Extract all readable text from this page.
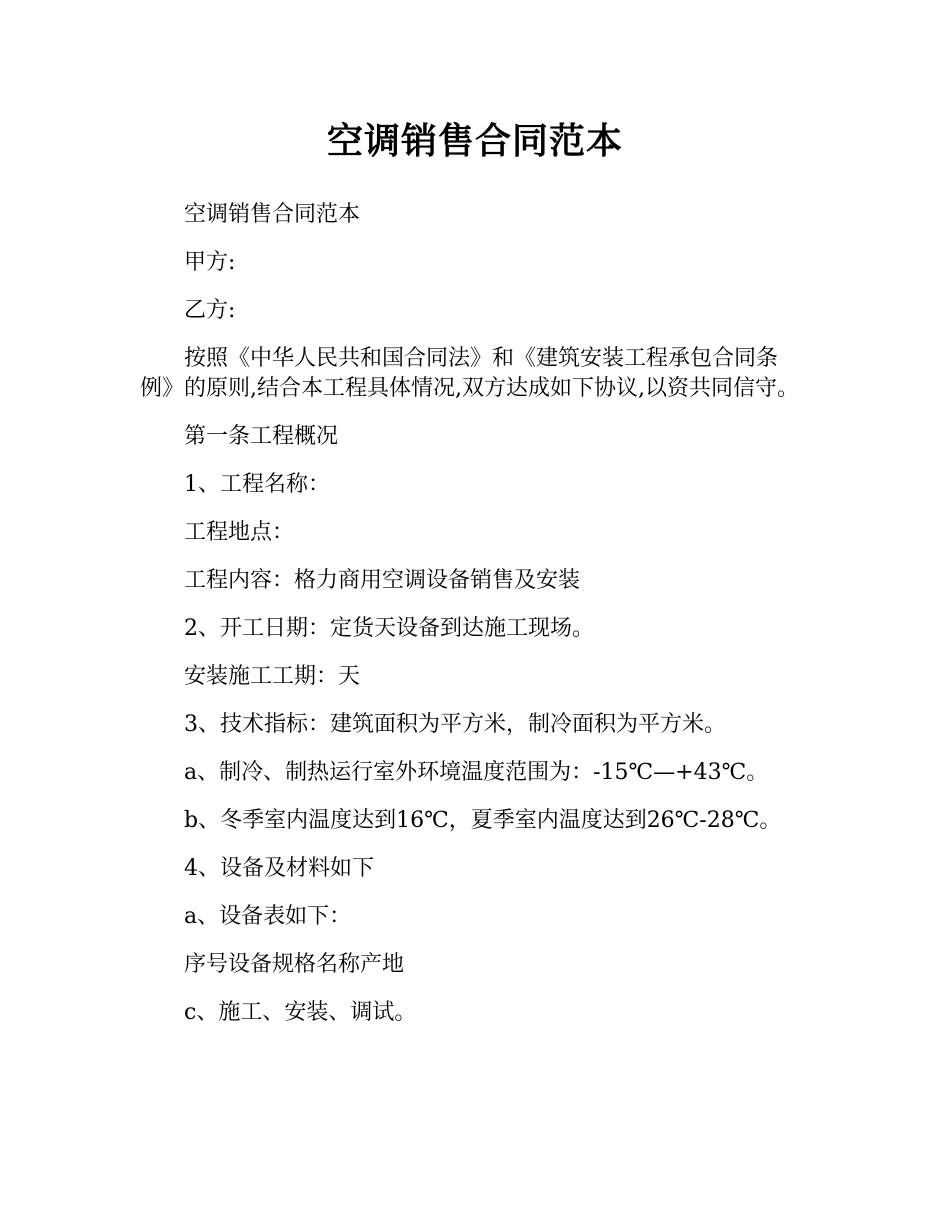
空调销售合同范本

空调销售合同范本

甲方:

乙方:

按照《中华人民共和国合同法》和《建筑安装工程承包合同条例》的原则,结合本工程具体情况,双方达成如下协议,以资共同信守。

第一条工程概况

1、工程名称：

工程地点：

工程内容：格力商用空调设备销售及安装

2、开工日期：定货天设备到达施工现场。

安装施工工期：天

3、技术指标：建筑面积为平方米，制冷面积为平方米。

a、制冷、制热运行室外环境温度范围为：-15℃—+43℃。

b、冬季室内温度达到16℃，夏季室内温度达到26℃-28℃。

4、设备及材料如下

a、设备表如下：

序号设备规格名称产地

c、施工、安装、调试。
